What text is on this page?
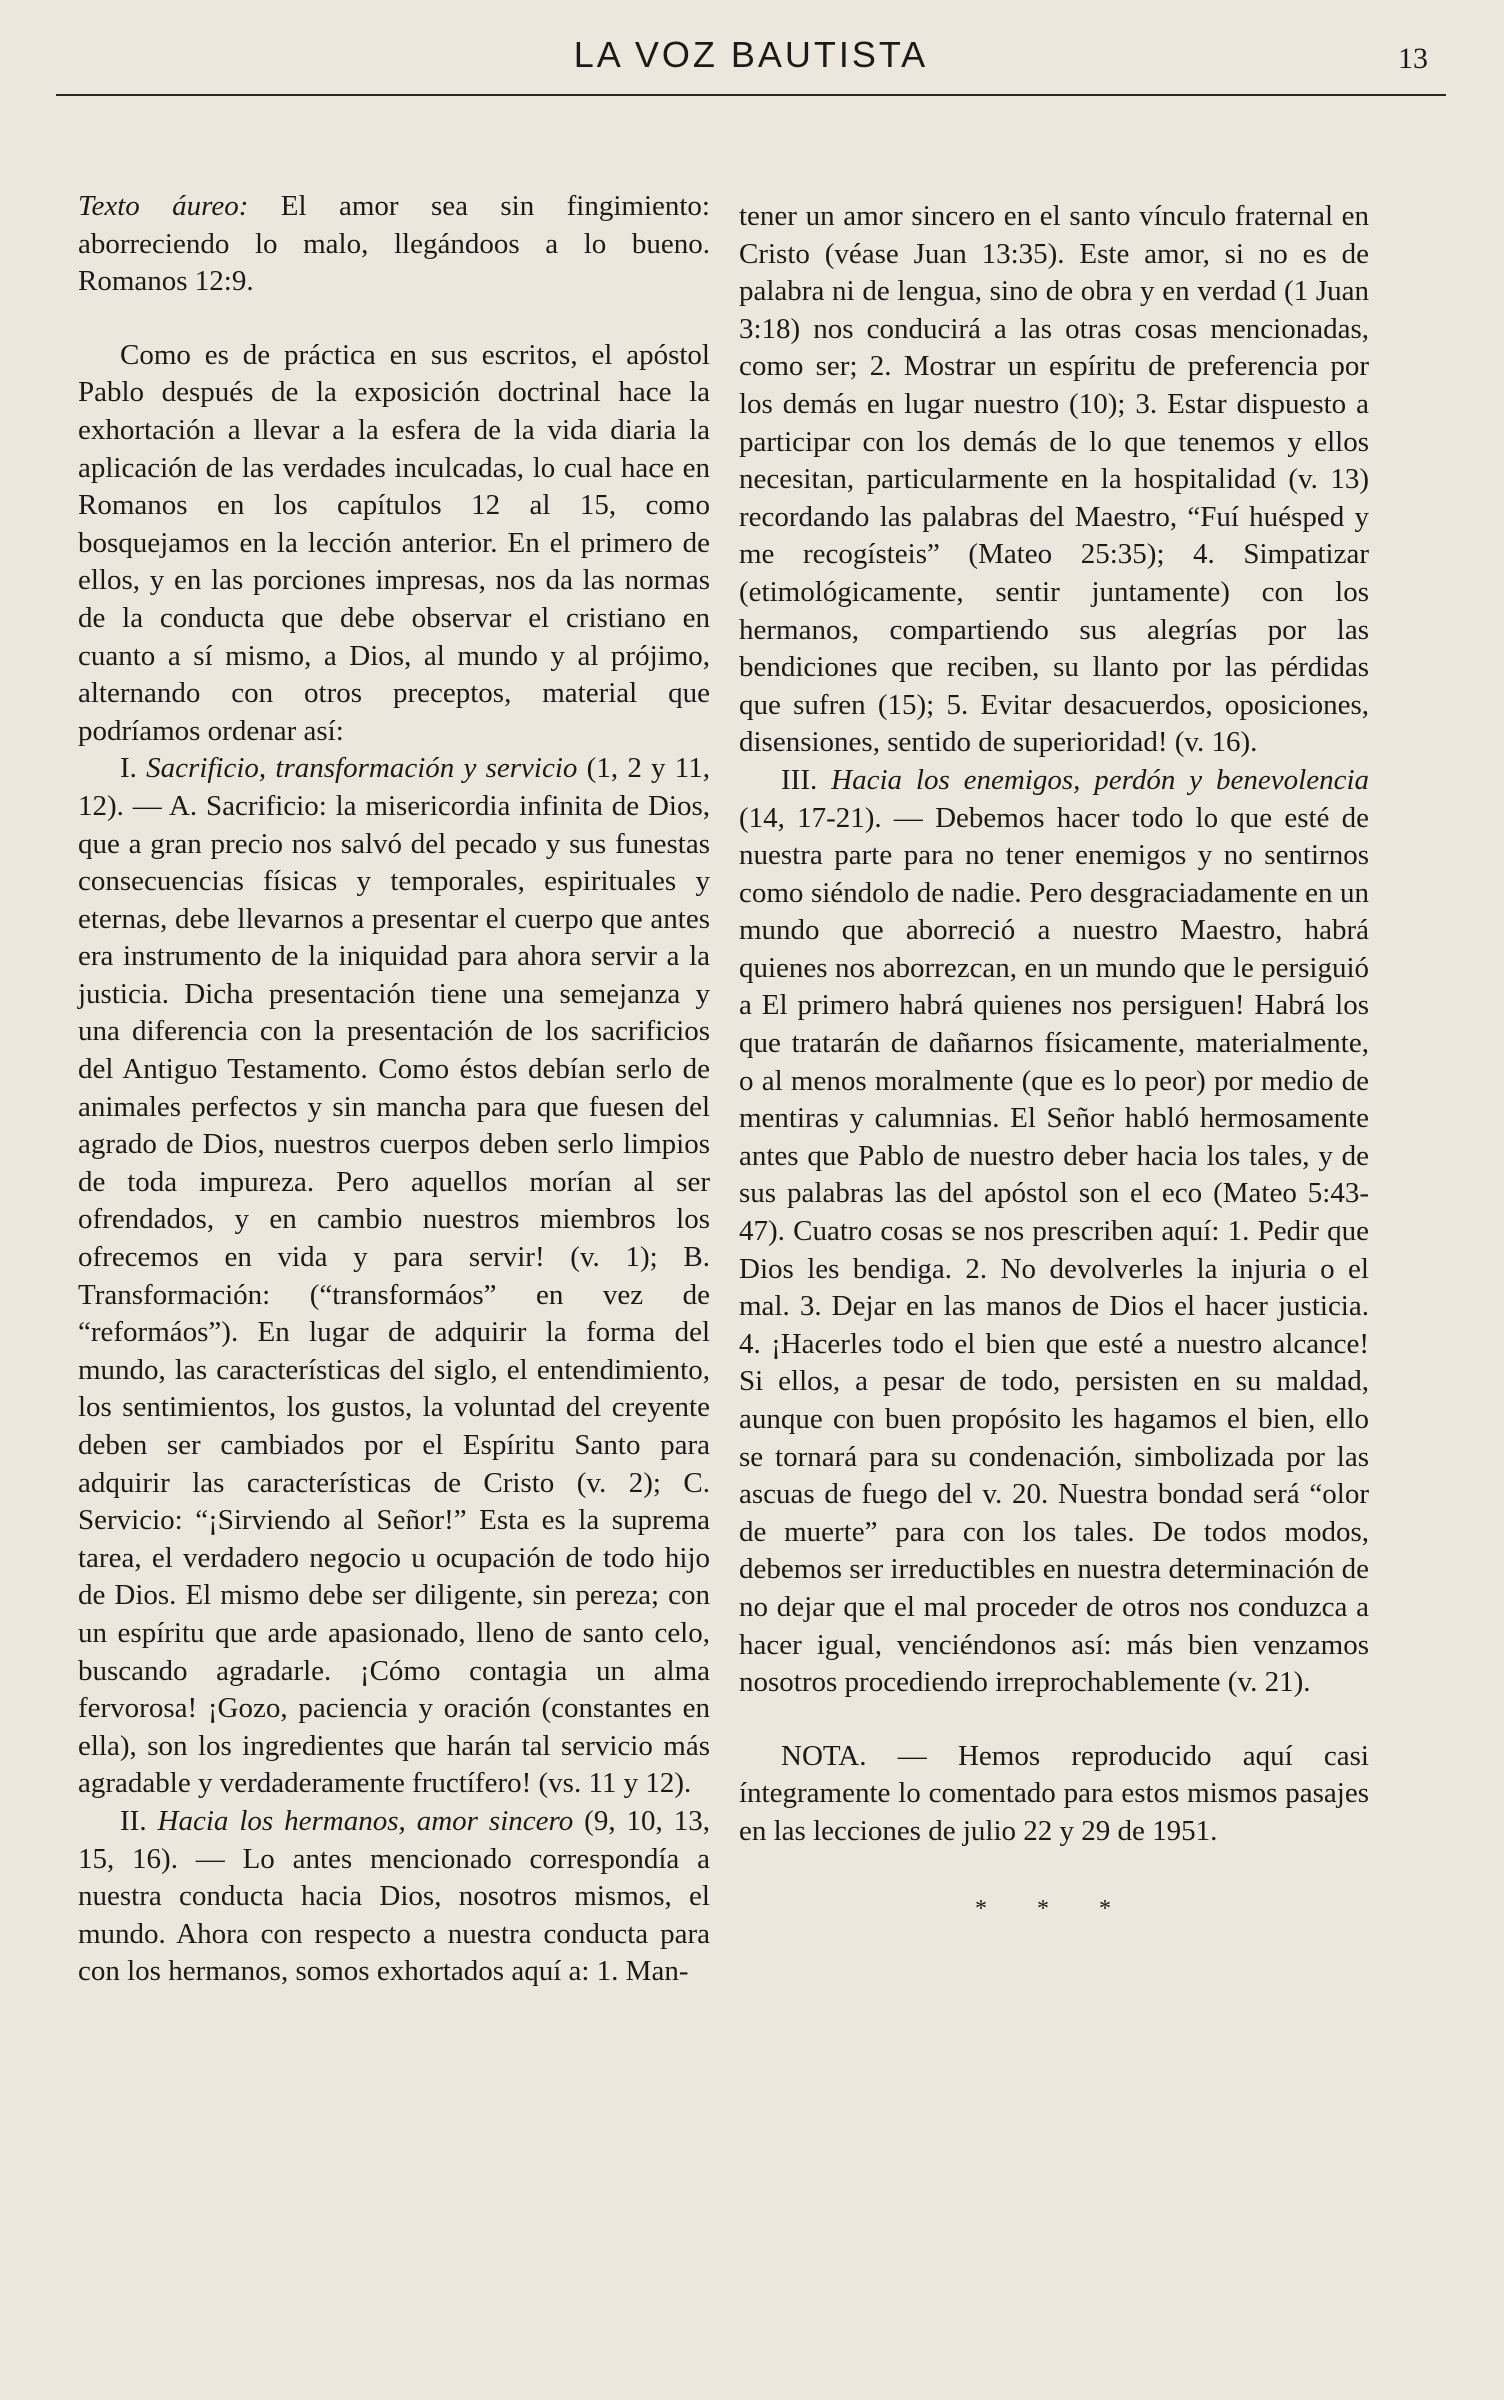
LA VOZ BAUTISTA	13

Texto áureo: El amor sea sin fingimiento: aborreciendo lo malo, llegándoos a lo bueno. Romanos 12:9.

Como es de práctica en sus escritos, el apóstol Pablo después de la exposición doctrinal hace la exhortación a llevar a la esfera de la vida diaria la aplicación de las verdades inculcadas, lo cual hace en Romanos en los capítulos 12 al 15, como bosquejamos en la lección anterior. En el primero de ellos, y en las porciones impresas, nos da las normas de la conducta que debe observar el cristiano en cuanto a sí mismo, a Dios, al mundo y al prójimo, alternando con otros preceptos, material que podríamos ordenar así:

I. Sacrificio, transformación y servicio (1, 2 y 11, 12). — A. Sacrificio: la misericordia infinita de Dios, que a gran precio nos salvó del pecado y sus funestas consecuencias físicas y temporales, espirituales y eternas, debe llevarnos a presentar el cuerpo que antes era instrumento de la iniquidad para ahora servir a la justicia. Dicha presentación tiene una semejanza y una diferencia con la presentación de los sacrificios del Antiguo Testamento. Como éstos debían serlo de animales perfectos y sin mancha para que fuesen del agrado de Dios, nuestros cuerpos deben serlo limpios de toda impureza. Pero aquellos morían al ser ofrendados, y en cambio nuestros miembros los ofrecemos en vida y para servir! (v. 1); B. Transformación: (“transformáos” en vez de “reformáos”). En lugar de adquirir la forma del mundo, las características del siglo, el entendimiento, los sentimientos, los gustos, la voluntad del creyente deben ser cambiados por el Espíritu Santo para adquirir las características de Cristo (v. 2); C. Servicio: “¡Sirviendo al Señor!” Esta es la suprema tarea, el verdadero negocio u ocupación de todo hijo de Dios. El mismo debe ser diligente, sin pereza; con un espíritu que arde apasionado, lleno de santo celo, buscando agradarle. ¡Cómo contagia un alma fervorosa! ¡Gozo, paciencia y oración (constantes en ella), son los ingredientes que harán tal servicio más agradable y verdaderamente fructífero! (vs. 11 y 12).

II. Hacia los hermanos, amor sincero (9, 10, 13, 15, 16). — Lo antes mencionado correspondía a nuestra conducta hacia Dios, nosotros mismos, el mundo. Ahora con respecto a nuestra conducta para con los hermanos, somos exhortados aquí a: 1. Man-

tener un amor sincero en el santo vínculo fraternal en Cristo (véase Juan 13:35). Este amor, si no es de palabra ni de lengua, sino de obra y en verdad (1 Juan 3:18) nos conducirá a las otras cosas mencionadas, como ser; 2. Mostrar un espíritu de preferencia por los demás en lugar nuestro (10); 3. Estar dispuesto a participar con los demás de lo que tenemos y ellos necesitan, particularmente en la hospitalidad (v. 13) recordando las palabras del Maestro, “Fuí huésped y me recogísteis” (Mateo 25:35); 4. Simpatizar (etimológicamente, sentir juntamente) con los hermanos, compartiendo sus alegrías por las bendiciones que reciben, su llanto por las pérdidas que sufren (15); 5. Evitar desacuerdos, oposiciones, disensiones, sentido de superioridad! (v. 16).

III. Hacia los enemigos, perdón y benevolencia (14, 17-21). — Debemos hacer todo lo que esté de nuestra parte para no tener enemigos y no sentirnos como siéndolo de nadie. Pero desgraciadamente en un mundo que aborreció a nuestro Maestro, habrá quienes nos aborrezcan, en un mundo que le persiguió a El primero habrá quienes nos persiguen! Habrá los que tratarán de dañarnos físicamente, materialmente, o al menos moralmente (que es lo peor) por medio de mentiras y calumnias. El Señor habló hermosamente antes que Pablo de nuestro deber hacia los tales, y de sus palabras las del apóstol son el eco (Mateo 5:43-47). Cuatro cosas se nos prescriben aquí: 1. Pedir que Dios les bendiga. 2. No devolverles la injuria o el mal. 3. Dejar en las manos de Dios el hacer justicia. 4. ¡Hacerles todo el bien que esté a nuestro alcance! Si ellos, a pesar de todo, persisten en su maldad, aunque con buen propósito les hagamos el bien, ello se tornará para su condenación, simbolizada por las ascuas de fuego del v. 20. Nuestra bondad será “olor de muerte” para con los tales. De todos modos, debemos ser irreductibles en nuestra determinación de no dejar que el mal proceder de otros nos conduzca a hacer igual, venciéndonos así: más bien venzamos nosotros procediendo irreprochablemente (v. 21).

NOTA. — Hemos reproducido aquí casi íntegramente lo comentado para estos mismos pasajes en las lecciones de julio 22 y 29 de 1951.

* * *
